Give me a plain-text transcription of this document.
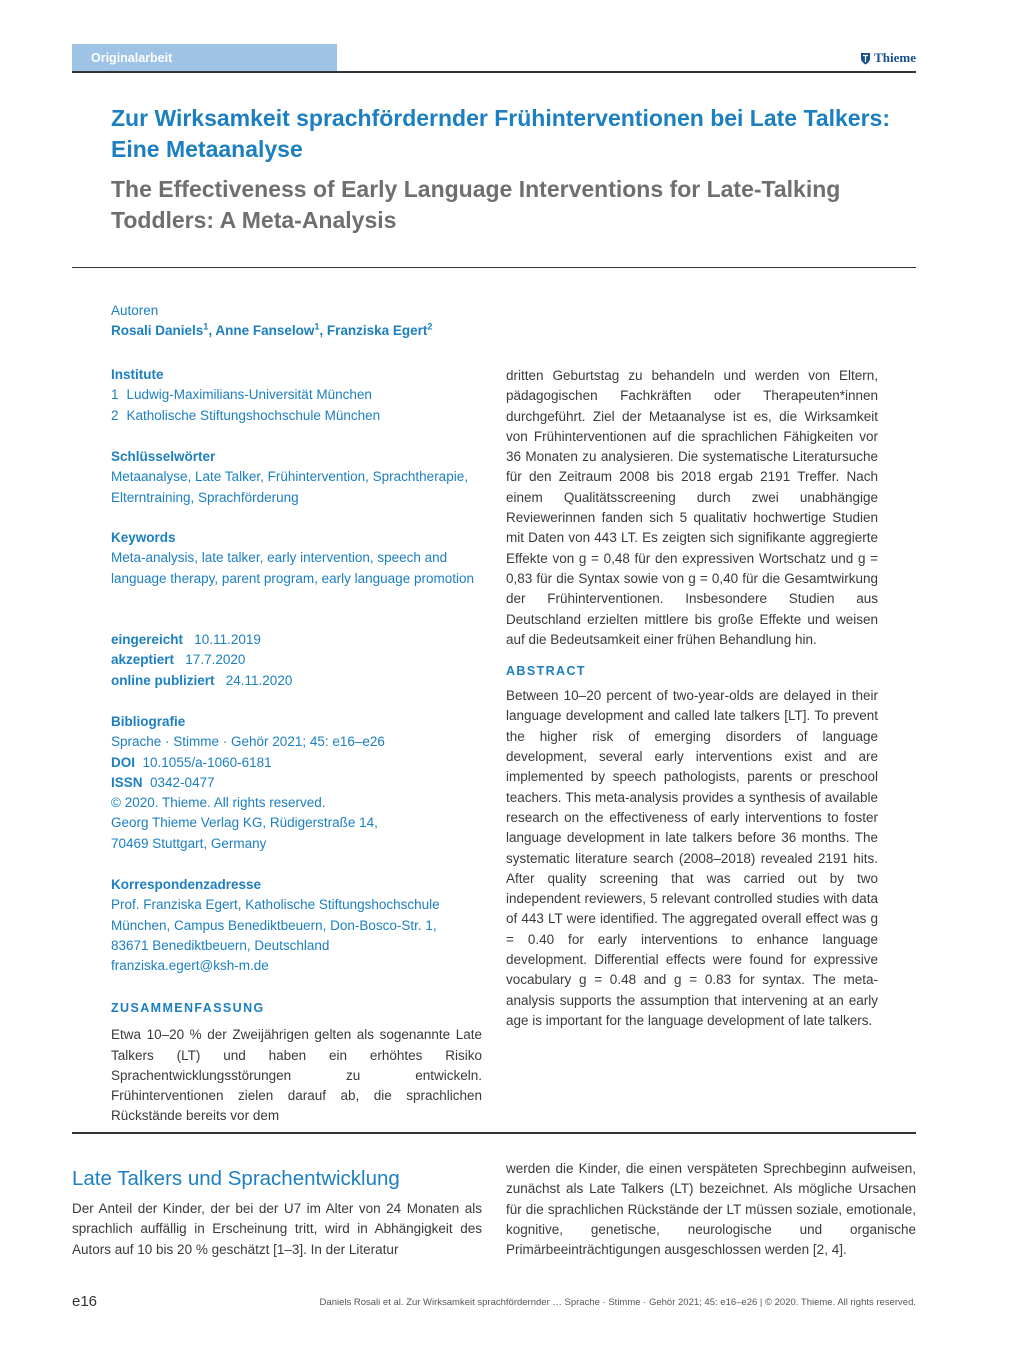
Originalarbeit	Thieme
Zur Wirksamkeit sprachfördernder Frühinterventionen bei Late Talkers: Eine Metaanalyse
The Effectiveness of Early Language Interventions for Late-Talking Toddlers: A Meta-Analysis
Autoren
Rosali Daniels$^1$, Anne Fanselow$^1$, Franziska Egert$^2$
Institute
1 Ludwig-Maximilians-Universität München
2 Katholische Stiftungshochschule München
Schlüsselwörter
Metaanalyse, Late Talker, Frühintervention, Sprachtherapie, Elterntraining, Sprachförderung
Keywords
Meta-analysis, late talker, early intervention, speech and language therapy, parent program, early language promotion
eingereicht 10.11.2019
akzeptiert 17.7.2020
online publiziert 24.11.2020
Bibliografie
Sprache · Stimme · Gehör 2021; 45: e16–e26
DOI 10.1055/a-1060-6181
ISSN 0342-0477
© 2020. Thieme. All rights reserved.
Georg Thieme Verlag KG, Rüdigerstraße 14,
70469 Stuttgart, Germany
Korrespondenzadresse
Prof. Franziska Egert, Katholische Stiftungshochschule
München, Campus Benediktbeuern, Don-Bosco-Str. 1,
83671 Benediktbeuern, Deutschland
franziska.egert@ksh-m.de
ZUSAMMENFASSUNG
Etwa 10–20 % der Zweijährigen gelten als sogenannte Late Talkers (LT) und haben ein erhöhtes Risiko Sprachentwicklungsstörungen zu entwickeln. Frühinterventionen zielen darauf ab, die sprachlichen Rückstände bereits vor dem
dritten Geburtstag zu behandeln und werden von Eltern, pädagogischen Fachkräften oder Therapeuten*innen durchgeführt. Ziel der Metaanalyse ist es, die Wirksamkeit von Frühinterventionen auf die sprachlichen Fähigkeiten vor 36 Monaten zu analysieren. Die systematische Literatursuche für den Zeitraum 2008 bis 2018 ergab 2191 Treffer. Nach einem Qualitätsscreening durch zwei unabhängige Reviewerinnen fanden sich 5 qualitativ hochwertige Studien mit Daten von 443 LT. Es zeigten sich signifikante aggregierte Effekte von g = 0,48 für den expressiven Wortschatz und g = 0,83 für die Syntax sowie von g = 0,40 für die Gesamtwirkung der Frühinterventionen. Insbesondere Studien aus Deutschland erzielten mittlere bis große Effekte und weisen auf die Bedeutsamkeit einer frühen Behandlung hin.
ABSTRACT
Between 10–20 percent of two-year-olds are delayed in their language development and called late talkers [LT]. To prevent the higher risk of emerging disorders of language development, several early interventions exist and are implemented by speech pathologists, parents or preschool teachers. This meta-analysis provides a synthesis of available research on the effectiveness of early interventions to foster language development in late talkers before 36 months. The systematic literature search (2008–2018) revealed 2191 hits. After quality screening that was carried out by two independent reviewers, 5 relevant controlled studies with data of 443 LT were identified. The aggregated overall effect was g = 0.40 for early interventions to enhance language development. Differential effects were found for expressive vocabulary g = 0.48 and g = 0.83 for syntax. The meta-analysis supports the assumption that intervening at an early age is important for the language development of late talkers.
Late Talkers und Sprachentwicklung
Der Anteil der Kinder, der bei der U7 im Alter von 24 Monaten als sprachlich auffällig in Erscheinung tritt, wird in Abhängigkeit des Autors auf 10 bis 20 % geschätzt [1–3]. In der Literatur
werden die Kinder, die einen verspäteten Sprechbeginn aufweisen, zunächst als Late Talkers (LT) bezeichnet. Als mögliche Ursachen für die sprachlichen Rückstände der LT müssen soziale, emotionale, kognitive, genetische, neurologische und organische Primärbeeinträchtigungen ausgeschlossen werden [2, 4].
e16	Daniels Rosali et al. Zur Wirksamkeit sprachfördernder … Sprache · Stimme · Gehör 2021; 45: e16–e26 | © 2020. Thieme. All rights reserved.
